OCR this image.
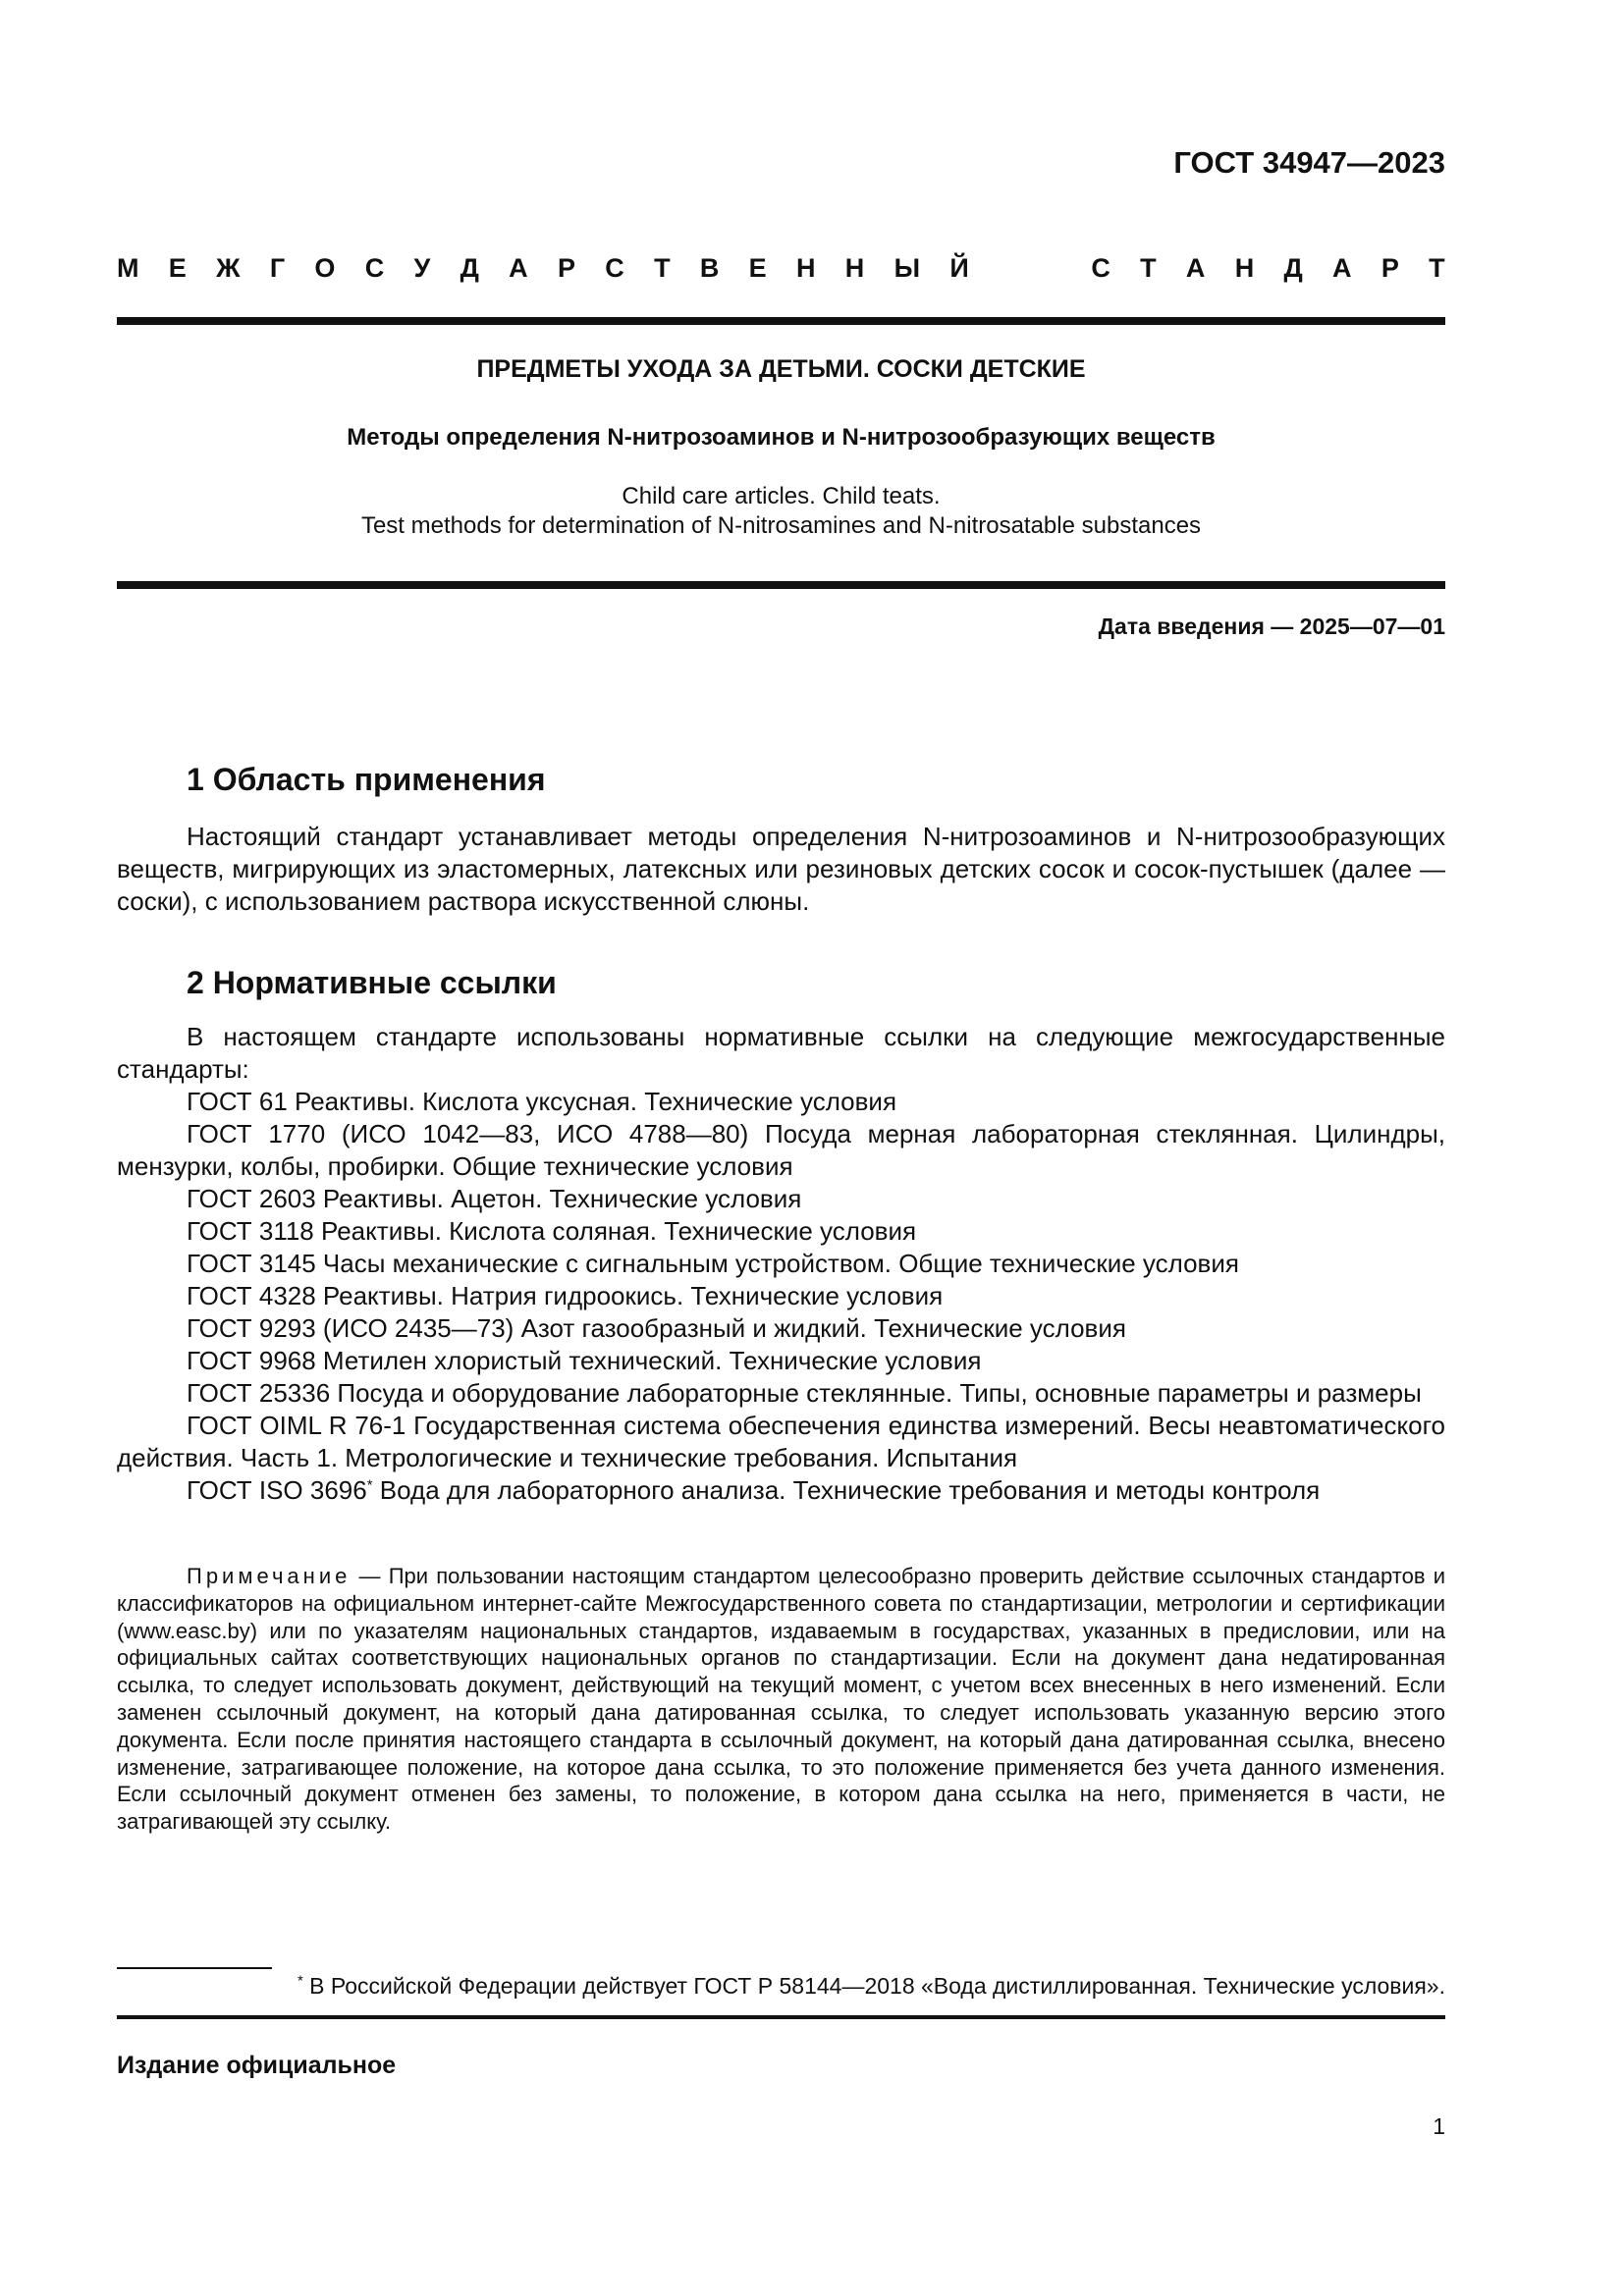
ГОСТ 34947—2023
М Е Ж Г О С У Д А Р С Т В Е Н Н Ы Й	С Т А Н Д А Р Т
ПРЕДМЕТЫ УХОДА ЗА ДЕТЬМИ. СОСКИ ДЕТСКИЕ
Методы определения N-нитрозоаминов и N-нитрозообразующих веществ
Child care articles. Child teats.
Test methods for determination of N-nitrosamines and N-nitrosatable substances
Дата введения — 2025—07—01
1 Область применения

Настоящий стандарт устанавливает методы определения N-нитрозоаминов и N-нитрозообразующих веществ, мигрирующих из эластомерных, латексных или резиновых детских сосок и сосок-пустышек (далее — соски), с использованием раствора искусственной слюны.

2 Нормативные ссылки

В настоящем стандарте использованы нормативные ссылки на следующие межгосударственные стандарты:

ГОСТ 61 Реактивы. Кислота уксусная. Технические условия

ГОСТ 1770 (ИСО 1042—83, ИСО 4788—80) Посуда мерная лабораторная стеклянная. Цилиндры, мензурки, колбы, пробирки. Общие технические условия

ГОСТ 2603 Реактивы. Ацетон. Технические условия

ГОСТ 3118 Реактивы. Кислота соляная. Технические условия

ГОСТ 3145 Часы механические с сигнальным устройством. Общие технические условия

ГОСТ 4328 Реактивы. Натрия гидроокись. Технические условия

ГОСТ 9293 (ИСО 2435—73) Азот газообразный и жидкий. Технические условия

ГОСТ 9968 Метилен хлористый технический. Технические условия

ГОСТ 25336 Посуда и оборудование лабораторные стеклянные. Типы, основные параметры и размеры

ГОСТ OIML R 76-1 Государственная система обеспечения единства измерений. Весы неавтоматического действия. Часть 1. Метрологические и технические требования. Испытания

ГОСТ ISO 3696* Вода для лабораторного анализа. Технические требования и методы контроля

Примечание — При пользовании настоящим стандартом целесообразно проверить действие ссылочных стандартов и классификаторов на официальном интернет-сайте Межгосударственного совета по стандартизации, метрологии и сертификации (www.easc.by) или по указателям национальных стандартов, издаваемым в государствах, указанных в предисловии, или на официальных сайтах соответствующих национальных органов по стандартизации. Если на документ дана недатированная ссылка, то следует использовать документ, действующий на текущий момент, с учетом всех внесенных в него изменений. Если заменен ссылочный документ, на который дана датированная ссылка, то следует использовать указанную версию этого документа. Если после принятия настоящего стандарта в ссылочный документ, на который дана датированная ссылка, внесено изменение, затрагивающее положение, на которое дана ссылка, то это положение применяется без учета данного изменения. Если ссылочный документ отменен без замены, то положение, в котором дана ссылка на него, применяется в части, не затрагивающей эту ссылку.

* В Российской Федерации действует ГОСТ Р 58144—2018 «Вода дистиллированная. Технические условия».
Издание официальное
1
